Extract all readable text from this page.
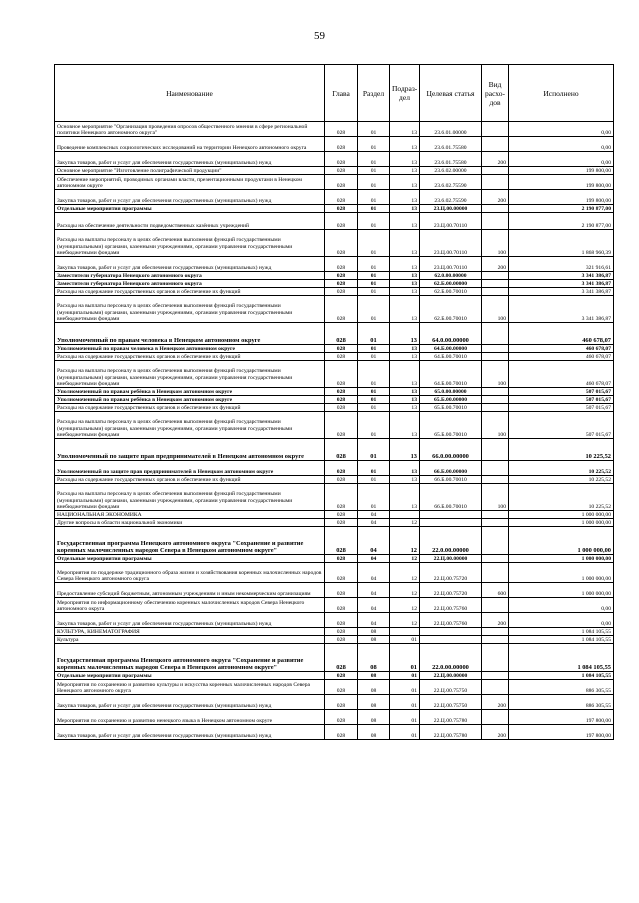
59
Наименование	Глава	Раздел	Подраз-дел	Целевая статья	Вид расхо-дов	Исполнено
Основное мероприятие "Организация проведения опросов общественного мнения в сфере региональной политики Ненецкого автономного округа"	028	01	13	23.6.01.00000		0,00
Проведение комплексных социологических исследований на территории Ненецкого автономного округа	028	01	13	23.6.01.75580		0,00
Закупка товаров, работ и услуг для обеспечения государственных (муниципальных) нужд	028	01	13	23.6.01.75580	200	0,00
Основное мероприятие "Изготовление полиграфической продукции"	028	01	13	23.6.02.00000		199 800,00
Обеспечение мероприятий, проводимых органами власти, презентационными продуктами в Ненецком автономном округе	028	01	13	23.6.02.75590		199 800,00
Закупка товаров, работ и услуг для обеспечения государственных (муниципальных) нужд	028	01	13	23.6.02.75590	200	199 800,00
Отдельные мероприятия программы	028	01	13	23.Ц.00.00000		2 190 877,00
Расходы на обеспечение деятельности подведомственных казённых учреждений	028	01	13	23.Ц.00.70110		2 190 877,00
Расходы на выплаты персоналу в целях обеспечения выполнения функций государственными (муниципальными) органами, казенными учреждениями, органами управления государственными внебюджетными фондами	028	01	13	23.Ц.00.70110	100	1 868 960,39
Закупка товаров, работ и услуг для обеспечения государственных (муниципальных) нужд	028	01	13	23.Ц.00.70110	200	321 916,61
Заместители губернатора Ненецкого автономного округа	028	01	13	62.0.00.00000		3 341 386,87
Заместители губернатора Ненецкого автономного округа	028	01	13	62.Б.00.00000		3 341 386,87
Расходы на содержание государственных органов и обеспечение их функций	028	01	13	62.Б.00.70010		3 341 386,87
Расходы на выплаты персоналу в целях обеспечения выполнения функций государственными (муниципальными) органами, казенными учреждениями, органами управления государственными внебюджетными фондами	028	01	13	62.Б.00.70010	100	3 341 386,87
Уполномоченный по правам человека в Ненецком автономном округе	028	01	13	64.0.00.00000		460 678,07
Уполномоченный по правам человека в Ненецком автономном округе	028	01	13	64.Б.00.00000		460 678,07
Расходы на содержание государственных органов и обеспечение их функций	028	01	13	64.Б.00.70010		460 678,07
Расходы на выплаты персоналу в целях обеспечения выполнения функций государственными (муниципальными) органами, казенными учреждениями, органами управления государственными внебюджетными фондами	028	01	13	64.Б.00.70010	100	460 678,07
Уполномоченный по правам ребёнка в Ненецком автономном округе	028	01	13	65.0.00.00000		507 015,67
Уполномоченный по правам ребёнка в Ненецком автономном округе	028	01	13	65.Б.00.00000		507 015,67
Расходы на содержание государственных органов и обеспечение их функций	028	01	13	65.Б.00.70010		507 015,67
Расходы на выплаты персоналу в целях обеспечения выполнения функций государственными (муниципальными) органами, казенными учреждениями, органами управления государственными внебюджетными фондами	028	01	13	65.Б.00.70010	100	507 015,67
Уполномоченный по защите прав предпринимателей в Ненецком автономном округе	028	01	13	66.0.00.00000		10 225,52
Уполномоченный по защите прав предпринимателей в Ненецком автономном округе	028	01	13	66.Б.00.00000		10 225,52
Расходы на содержание государственных органов и обеспечение их функций	028	01	13	66.Б.00.70010		10 225,52
Расходы на выплаты персоналу в целях обеспечения выполнения функций государственными (муниципальными) органами, казенными учреждениями, органами управления государственными внебюджетными фондами	028	01	13	66.Б.00.70010	100	10 225,52
НАЦИОНАЛЬНАЯ ЭКОНОМИКА	028	04				1 000 000,00
Другие вопросы в области национальной экономики	028	04	12			1 000 000,00
Государственная программа Ненецкого автономного округа "Сохранение и развитие коренных малочисленных народов Севера в Ненецком автономном округе"	028	04	12	22.0.00.00000		1 000 000,00
Отдельные мероприятия программы	028	04	12	22.Ц.00.00000		1 000 000,00
Мероприятия по поддержке традиционного образа жизни и хозяйствования коренных малочисленных народов Севера Ненецкого автономного округа	028	04	12	22.Ц.00.75720		1 000 000,00
Предоставление субсидий бюджетным, автономным учреждениям и иным некоммерческим организациям	028	04	12	22.Ц.00.75720	600	1 000 000,00
Мероприятия по информационному обеспечению коренных малочисленных народов Севера Ненецкого автономного округа	028	04	12	22.Ц.00.75760		0,00
Закупка товаров, работ и услуг для обеспечения государственных (муниципальных) нужд	028	04	12	22.Ц.00.75760	200	0,00
КУЛЬТУРА, КИНЕМАТОГРАФИЯ	028	08				1 084 105,55
Культура	028	08	01			1 084 105,55
Государственная программа Ненецкого автономного округа "Сохранение и развитие коренных малочисленных народов Севера в Ненецком автономном округе"	028	08	01	22.0.00.00000		1 084 105,55
Отдельные мероприятия программы	028	08	01	22.Ц.00.00000		1 084 105,55
Мероприятия по сохранению и развитию культуры и искусства коренных малочисленных народов Севера Ненецкого автономного округа	028	08	01	22.Ц.00.75750		886 305,55
Закупка товаров, работ и услуг для обеспечения государственных (муниципальных) нужд	028	08	01	22.Ц.00.75750	200	886 305,55
Мероприятия по сохранению и развитию ненецкого языка в Ненецком автономном округе	028	08	01	22.Ц.00.75780		197 800,00
Закупка товаров, работ и услуг для обеспечения государственных (муниципальных) нужд	028	08	01	22.Ц.00.75780	200	197 800,00
